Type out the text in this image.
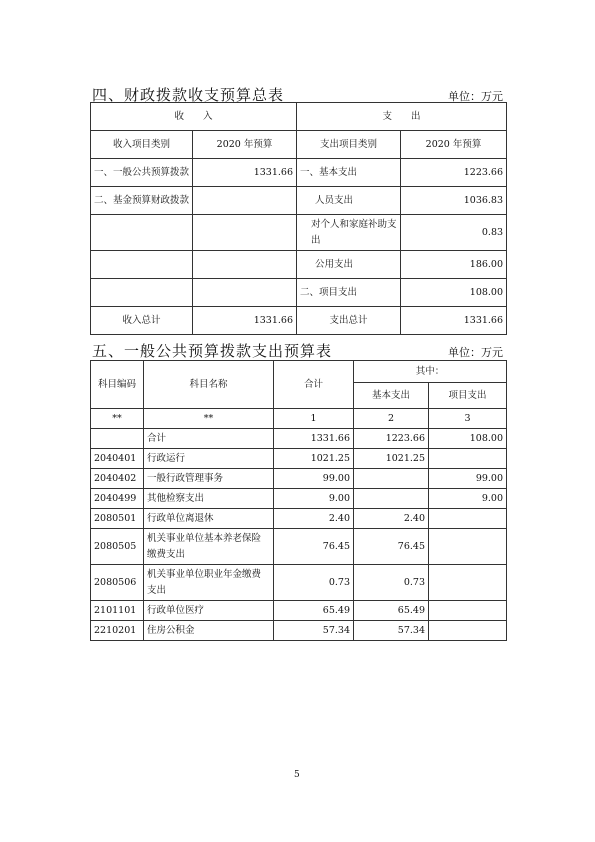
四、财政拨款收支预算总表	单位：万元
收　　入		支　　出	
收入项目类别	2020 年预算	支出项目类别	2020 年预算
一、一般公共预算拨款	1331.66	一、基本支出	1223.66
二、基金预算财政拨款		人员支出	1036.83
		对个人和家庭补助支出	0.83
		公用支出	186.00
		二、项目支出	108.00
收入总计	1331.66	支出总计	1331.66
五、一般公共预算拨款支出预算表	单位：万元
科目编码	科目名称	合计	其中：	
			基本支出	项目支出
**	**	1	2	3
	合计	1331.66	1223.66	108.00
2040401	行政运行	1021.25	1021.25	
2040402	一般行政管理事务	99.00		99.00
2040499	其他检察支出	9.00		9.00
2080501	行政单位离退休	2.40	2.40	
2080505	机关事业单位基本养老保险缴费支出	76.45	76.45	
2080506	机关事业单位职业年金缴费支出	0.73	0.73	
2101101	行政单位医疗	65.49	65.49	
2210201	住房公积金	57.34	57.34	
5
